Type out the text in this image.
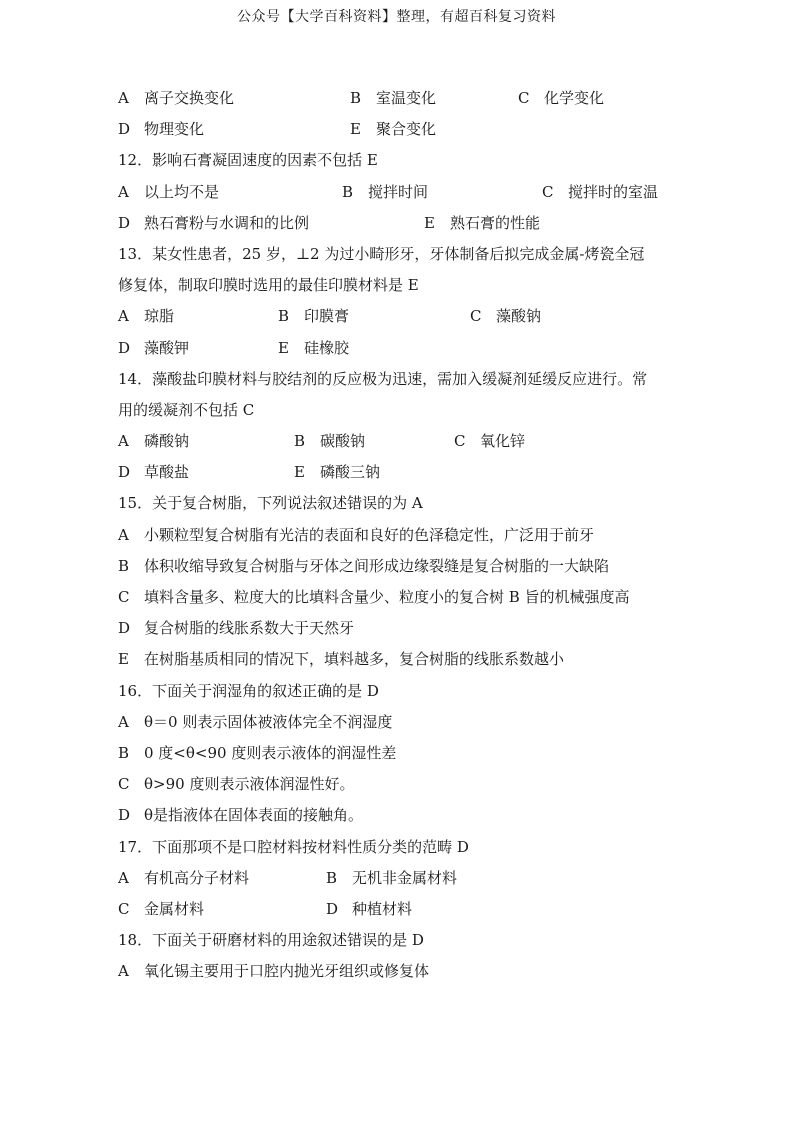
公众号【大学百科资料】整理，有超百科复习资料
A 离子交换变化	B 室温变化	C 化学变化
D 物理变化	E 聚合变化
12．影响石膏凝固速度的因素不包括 E
A 以上均不是	B 搅拌时间	C 搅拌时的室温
D 熟石膏粉与水调和的比例	E 熟石膏的性能
13．某女性患者，25 岁，⊥2 为过小畸形牙，牙体制备后拟完成金属-烤瓷全冠
修复体，制取印膜时选用的最佳印膜材料是 E
A 琼脂	B 印膜膏	C 藻酸钠
D 藻酸钾	E 硅橡胶
14．藻酸盐印膜材料与胶结剂的反应极为迅速，需加入缓凝剂延缓反应进行。常
用的缓凝剂不包括 C
A 磷酸钠	B 碳酸钠	C 氧化锌
D 草酸盐	E 磷酸三钠
15．关于复合树脂，下列说法叙述错误的为 A
A 小颗粒型复合树脂有光洁的表面和良好的色泽稳定性，广泛用于前牙
B 体积收缩导致复合树脂与牙体之间形成边缘裂缝是复合树脂的一大缺陷
C 填料含量多、粒度大的比填料含量少、粒度小的复合树 B 旨的机械强度高
D 复合树脂的线胀系数大于天然牙
E 在树脂基质相同的情况下，填料越多，复合树脂的线胀系数越小
16．下面关于润湿角的叙述正确的是 D
A θ＝0 则表示固体被液体完全不润湿度
B 0 度<θ<90 度则表示液体的润湿性差
C θ>90 度则表示液体润湿性好。
D θ是指液体在固体表面的接触角。
17．下面那项不是口腔材料按材料性质分类的范畴 D
A 有机高分子材料	B 无机非金属材料
C 金属材料	D 种植材料
18．下面关于研磨材料的用途叙述错误的是 D
A 氧化锡主要用于口腔内抛光牙组织或修复体
